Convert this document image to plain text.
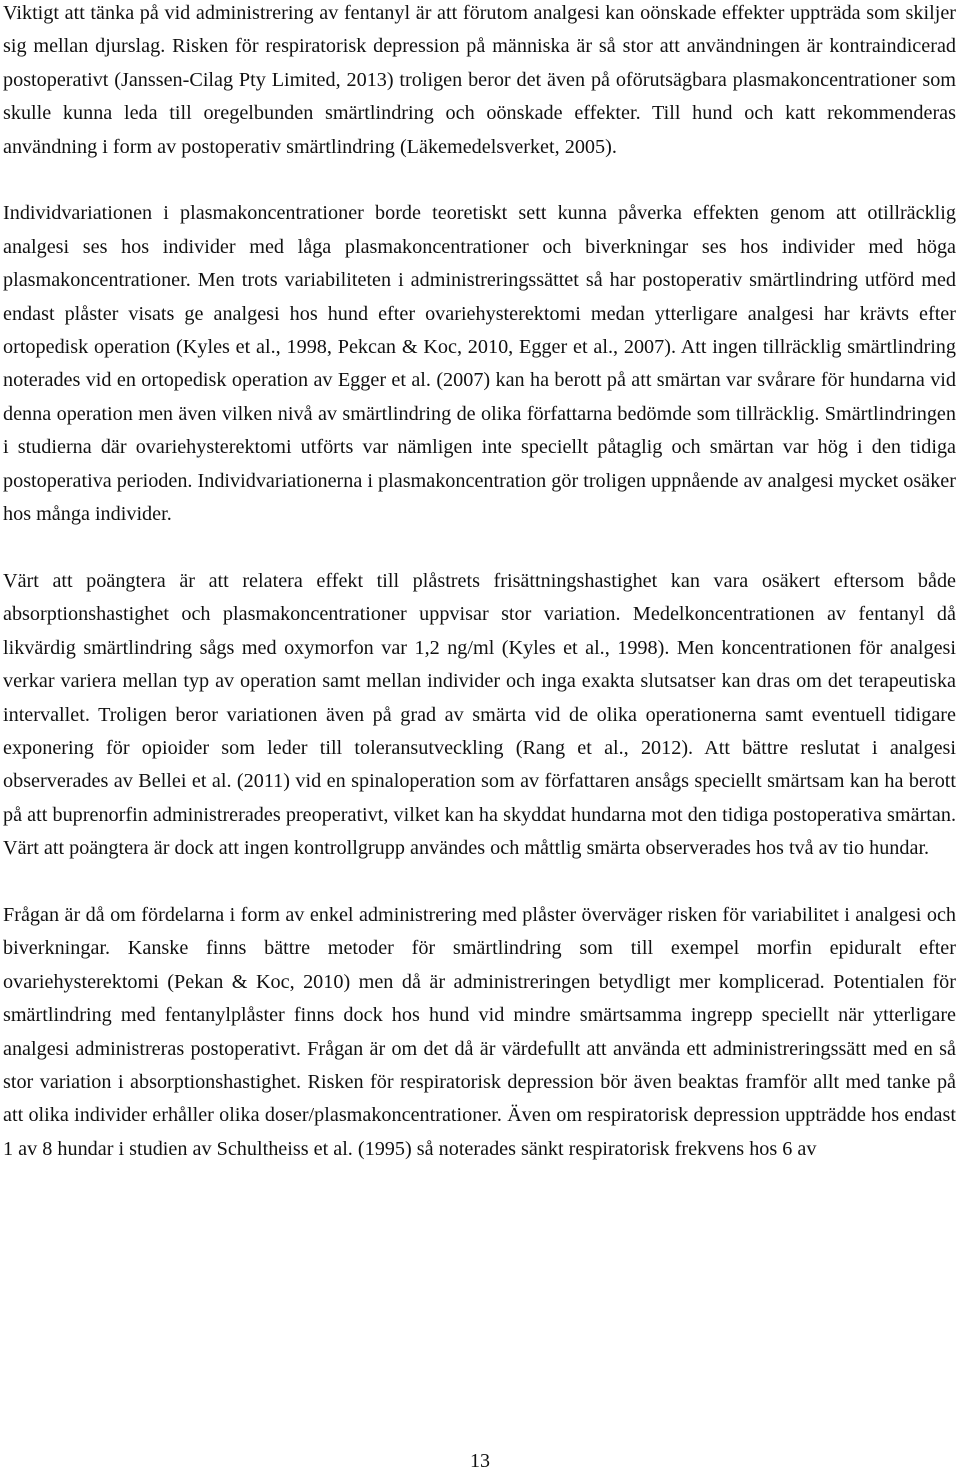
Viktigt att tänka på vid administrering av fentanyl är att förutom analgesi kan oönskade effekter uppträda som skiljer sig mellan djurslag. Risken för respiratorisk depression på människa är så stor att användningen är kontraindicerad postoperativt (Janssen-Cilag Pty Limited, 2013) troligen beror det även på oförutsägbara plasmakoncentrationer som skulle kunna leda till oregelbunden smärtlindring och oönskade effekter. Till hund och katt rekommenderas användning i form av postoperativ smärtlindring (Läkemedelsverket, 2005).

Individvariationen i plasmakoncentrationer borde teoretiskt sett kunna påverka effekten genom att otillräcklig analgesi ses hos individer med låga plasmakoncentrationer och biverkningar ses hos individer med höga plasmakoncentrationer. Men trots variabiliteten i administreringssättet så har postoperativ smärtlindring utförd med endast plåster visats ge analgesi hos hund efter ovariehysterektomi medan ytterligare analgesi har krävts efter ortopedisk operation (Kyles et al., 1998, Pekcan & Koc, 2010, Egger et al., 2007). Att ingen tillräcklig smärtlindring noterades vid en ortopedisk operation av Egger et al. (2007) kan ha berott på att smärtan var svårare för hundarna vid denna operation men även vilken nivå av smärtlindring de olika författarna bedömde som tillräcklig. Smärtlindringen i studierna där ovariehysterektomi utförts var nämligen inte speciellt påtaglig och smärtan var hög i den tidiga postoperativa perioden. Individvariationerna i plasmakoncentration gör troligen uppnående av analgesi mycket osäker hos många individer.

Värt att poängtera är att relatera effekt till plåstrets frisättningshastighet kan vara osäkert eftersom både absorptionshastighet och plasmakoncentrationer uppvisar stor variation. Medelkoncentrationen av fentanyl då likvärdig smärtlindring sågs med oxymorfon var 1,2 ng/ml (Kyles et al., 1998). Men koncentrationen för analgesi verkar variera mellan typ av operation samt mellan individer och inga exakta slutsatser kan dras om det terapeutiska intervallet. Troligen beror variationen även på grad av smärta vid de olika operationerna samt eventuell tidigare exponering för opioider som leder till toleransutveckling (Rang et al., 2012). Att bättre reslutat i analgesi observerades av Bellei et al. (2011) vid en spinaloperation som av författaren ansågs speciellt smärtsam kan ha berott på att buprenorfin administrerades preoperativt, vilket kan ha skyddat hundarna mot den tidiga postoperativa smärtan. Värt att poängtera är dock att ingen kontrollgrupp användes och måttlig smärta observerades hos två av tio hundar.

Frågan är då om fördelarna i form av enkel administrering med plåster överväger risken för variabilitet i analgesi och biverkningar. Kanske finns bättre metoder för smärtlindring som till exempel morfin epiduralt efter ovariehysterektomi (Pekan & Koc, 2010) men då är administreringen betydligt mer komplicerad. Potentialen för smärtlindring med fentanylplåster finns dock hos hund vid mindre smärtsamma ingrepp speciellt när ytterligare analgesi administreras postoperativt. Frågan är om det då är värdefullt att använda ett administreringssätt med en så stor variation i absorptionshastighet. Risken för respiratorisk depression bör även beaktas framför allt med tanke på att olika individer erhåller olika doser/plasmakoncentrationer. Även om respiratorisk depression uppträdde hos endast 1 av 8 hundar i studien av Schultheiss et al. (1995) så noterades sänkt respiratorisk frekvens hos 6 av

13
